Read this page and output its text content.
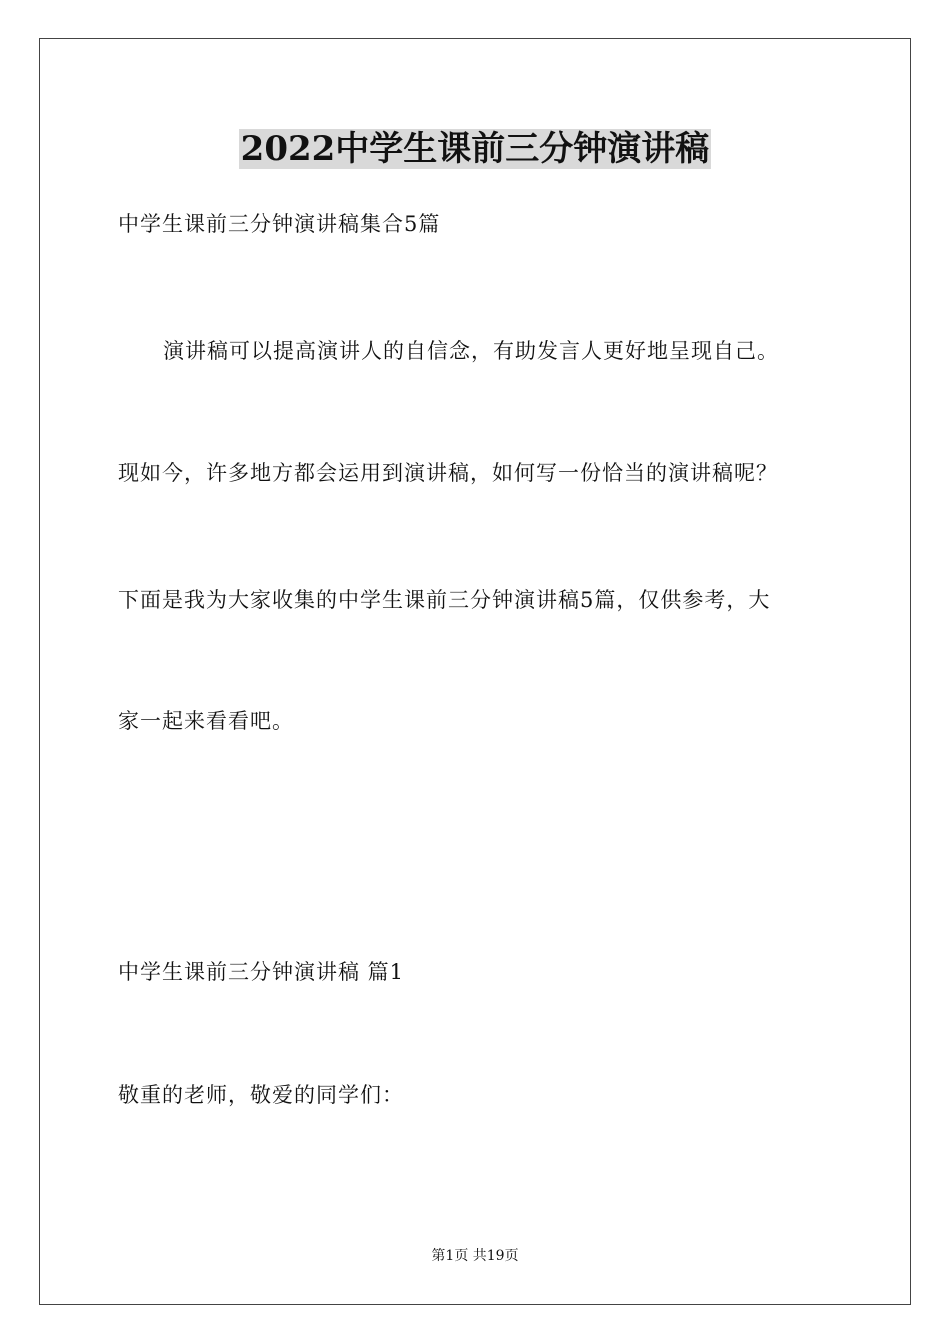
2022中学生课前三分钟演讲稿

中学生课前三分钟演讲稿集合5篇

演讲稿可以提高演讲人的自信念，有助发言人更好地呈现自己。

现如今，许多地方都会运用到演讲稿，如何写一份恰当的演讲稿呢？

下面是我为大家收集的中学生课前三分钟演讲稿5篇，仅供参考，大

家一起来看看吧。

中学生课前三分钟演讲稿 篇1

敬重的老师，敬爱的同学们：

第1页 共19页
